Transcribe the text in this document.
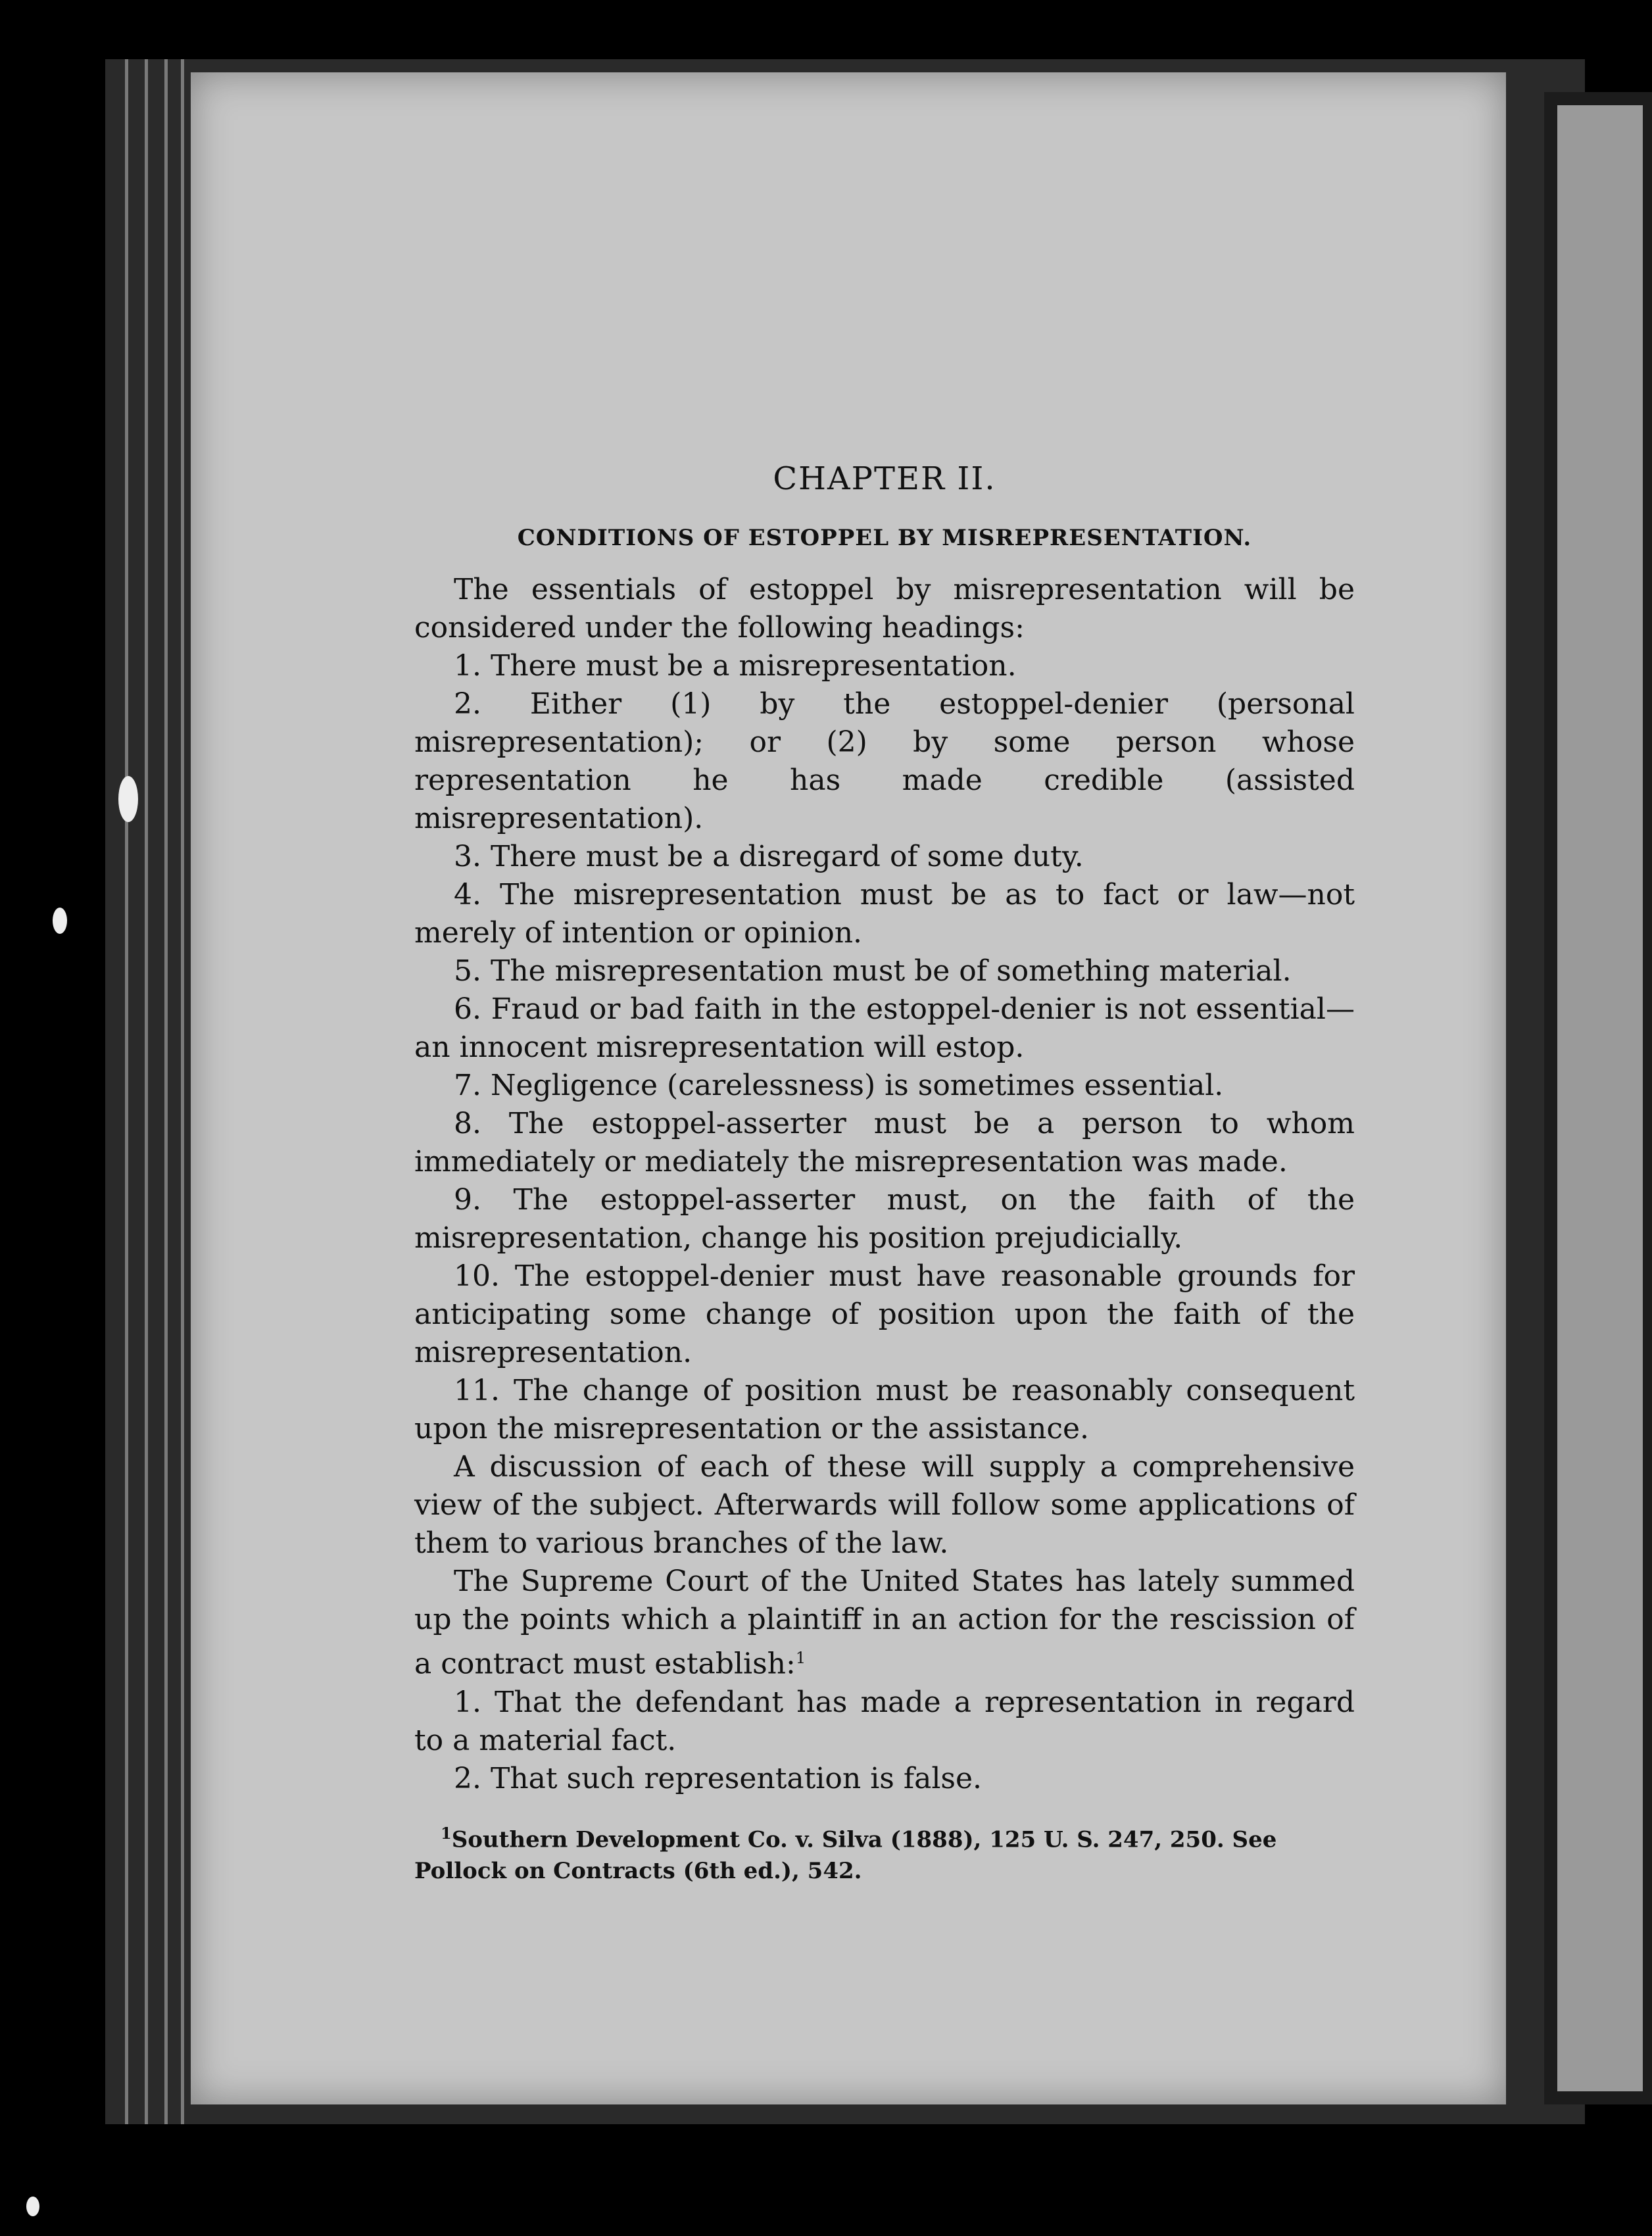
CHAPTER II.
CONDITIONS OF ESTOPPEL BY MISREPRESENTATION.

The essentials of estoppel by misrepresentation will be considered under the following headings:

1. There must be a misrepresentation.

2. Either (1) by the estoppel-denier (personal misrepresentation); or (2) by some person whose representation he has made credible (assisted misrepresentation).

3. There must be a disregard of some duty.

4. The misrepresentation must be as to fact or law—not merely of intention or opinion.

5. The misrepresentation must be of something material.

6. Fraud or bad faith in the estoppel-denier is not essential—an innocent misrepresentation will estop.

7. Negligence (carelessness) is sometimes essential.

8. The estoppel-asserter must be a person to whom immediately or mediately the misrepresentation was made.

9. The estoppel-asserter must, on the faith of the misrepresentation, change his position prejudicially.

10. The estoppel-denier must have reasonable grounds for anticipating some change of position upon the faith of the misrepresentation.

11. The change of position must be reasonably consequent upon the misrepresentation or the assistance.

A discussion of each of these will supply a comprehensive view of the subject. Afterwards will follow some applications of them to various branches of the law.

The Supreme Court of the United States has lately summed up the points which a plaintiff in an action for the rescission of a contract must establish:$^1$

1. That the defendant has made a representation in regard to a material fact.

2. That such representation is false.

$^1$Southern Development Co. v. Silva (1888), 125 U. S. 247, 250. See Pollock on Contracts (6th ed.), 542.
